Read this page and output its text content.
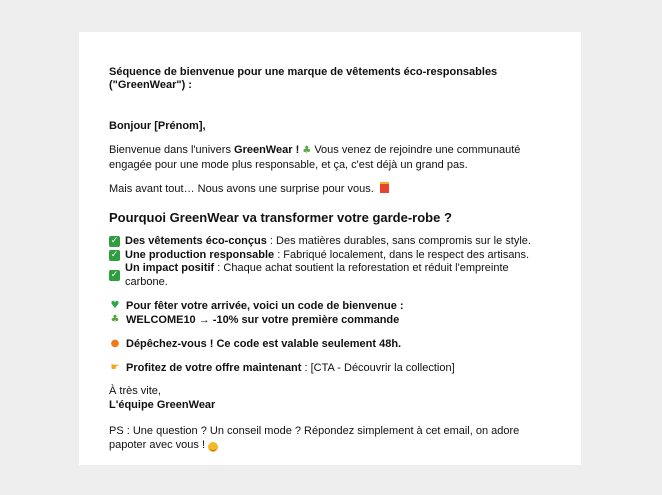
Séquence de bienvenue pour une marque de vêtements éco-responsables ("GreenWear") :
Bonjour [Prénom],

Bienvenue dans l'univers GreenWear ! ♣ Vous venez de rejoindre une communauté engagée pour une mode plus responsable, et ça, c'est déjà un grand pas.

Mais avant tout… Nous avons une surprise pour vous.

Pourquoi GreenWear va transformer votre garde-robe ?
✓ Des vêtements éco-conçus : Des matières durables, sans compromis sur le style.
✓ Une production responsable : Fabriqué localement, dans le respect des artisans.
✓
Un impact positif : Chaque achat soutient la reforestation et réduit l'empreinte carbone.
♥ Pour fêter votre arrivée, voici un code de bienvenue :
♣ WELCOME10 → -10% sur votre première commande
● Dépêchez-vous ! Ce code est valable seulement 48h.
☛ Profitez de votre offre maintenant : [CTA - Découvrir la collection]
À très vite,
L'équipe GreenWear

PS : Une question ? Un conseil mode ? Répondez simplement à cet email, on adore papoter avec vous ! ‿
